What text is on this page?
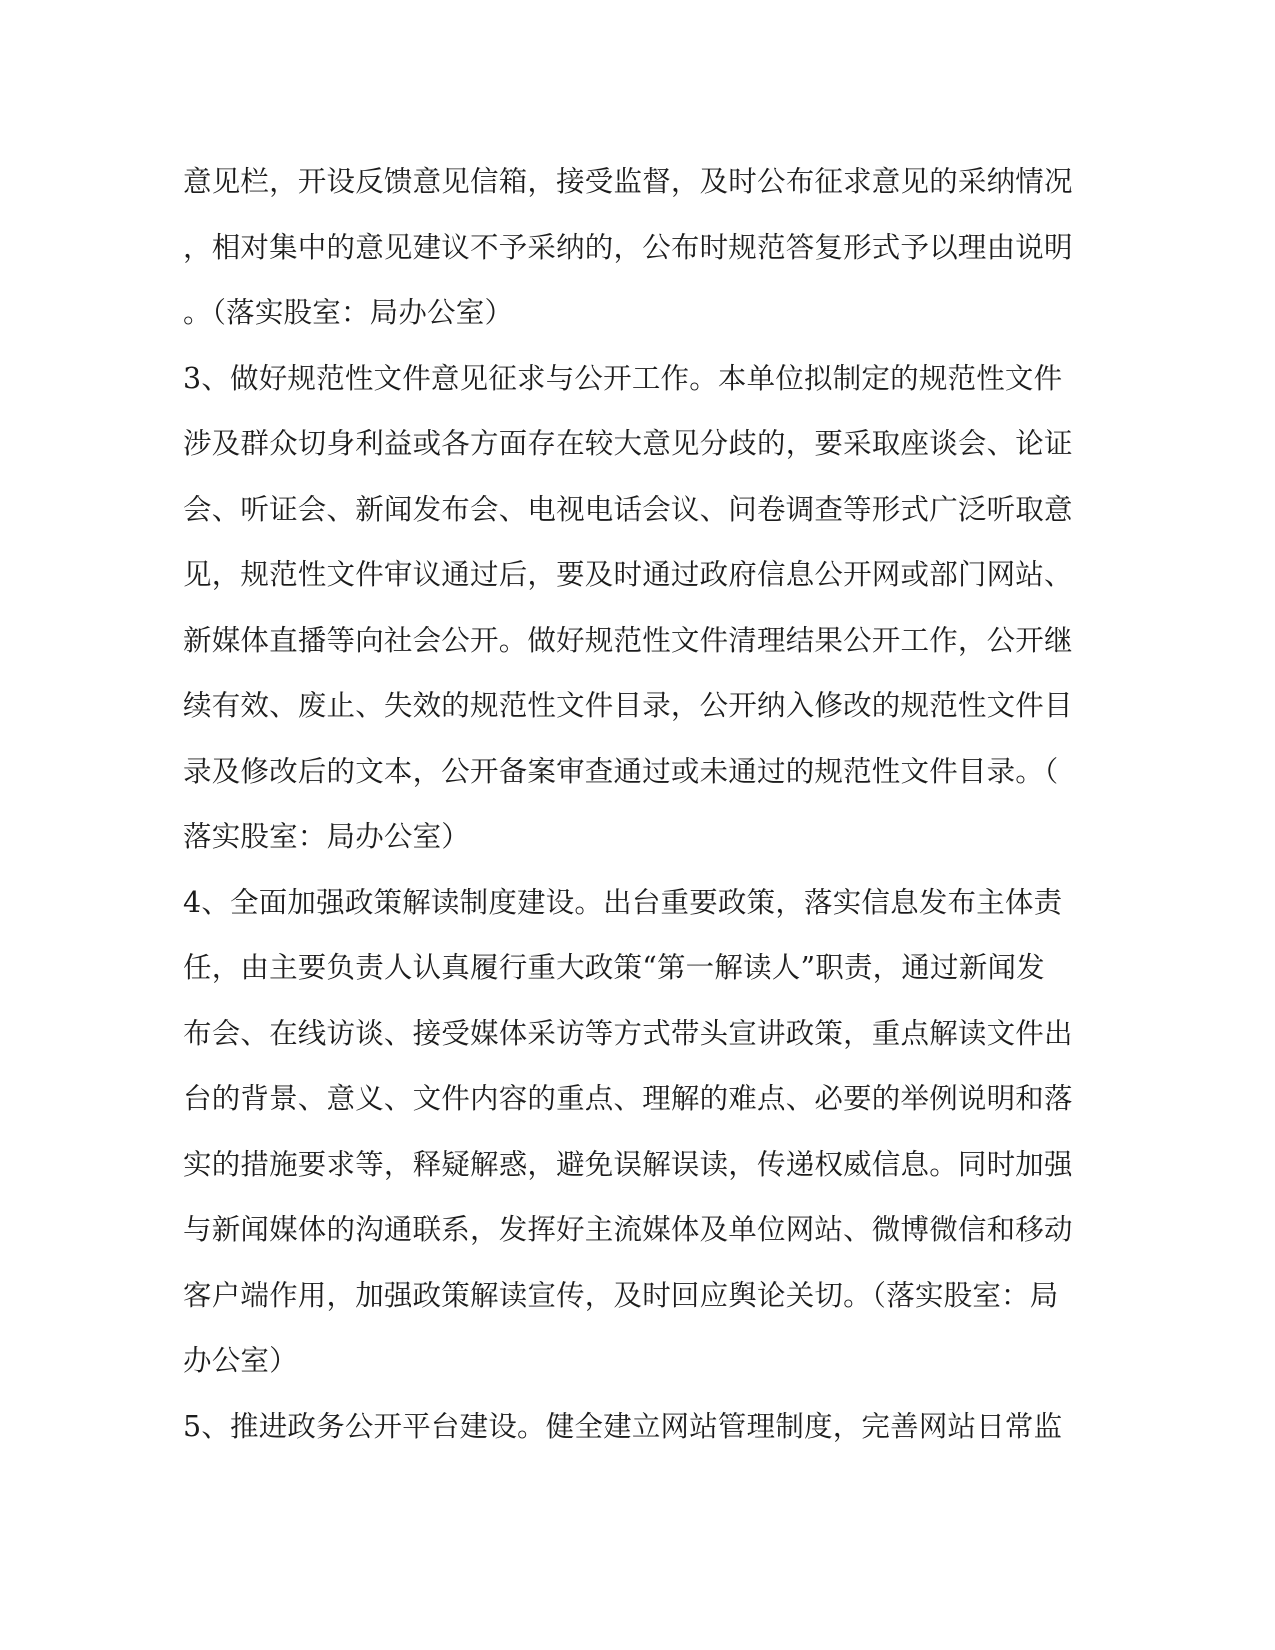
意见栏，开设反馈意见信箱，接受监督，及时公布征求意见的采纳情况
，相对集中的意见建议不予采纳的，公布时规范答复形式予以理由说明
。（落实股室：局办公室）
3、做好规范性文件意见征求与公开工作。本单位拟制定的规范性文件
涉及群众切身利益或各方面存在较大意见分歧的，要采取座谈会、论证
会、听证会、新闻发布会、电视电话会议、问卷调查等形式广泛听取意
见，规范性文件审议通过后，要及时通过政府信息公开网或部门网站、
新媒体直播等向社会公开。做好规范性文件清理结果公开工作，公开继
续有效、废止、失效的规范性文件目录，公开纳入修改的规范性文件目
录及修改后的文本，公开备案审查通过或未通过的规范性文件目录。（
落实股室：局办公室）
4、全面加强政策解读制度建设。出台重要政策，落实信息发布主体责
任，由主要负责人认真履行重大政策“第一解读人”职责，通过新闻发
布会、在线访谈、接受媒体采访等方式带头宣讲政策，重点解读文件出
台的背景、意义、文件内容的重点、理解的难点、必要的举例说明和落
实的措施要求等，释疑解惑，避免误解误读，传递权威信息。同时加强
与新闻媒体的沟通联系，发挥好主流媒体及单位网站、微博微信和移动
客户端作用，加强政策解读宣传，及时回应舆论关切。（落实股室：局
办公室）
5、推进政务公开平台建设。健全建立网站管理制度，完善网站日常监
